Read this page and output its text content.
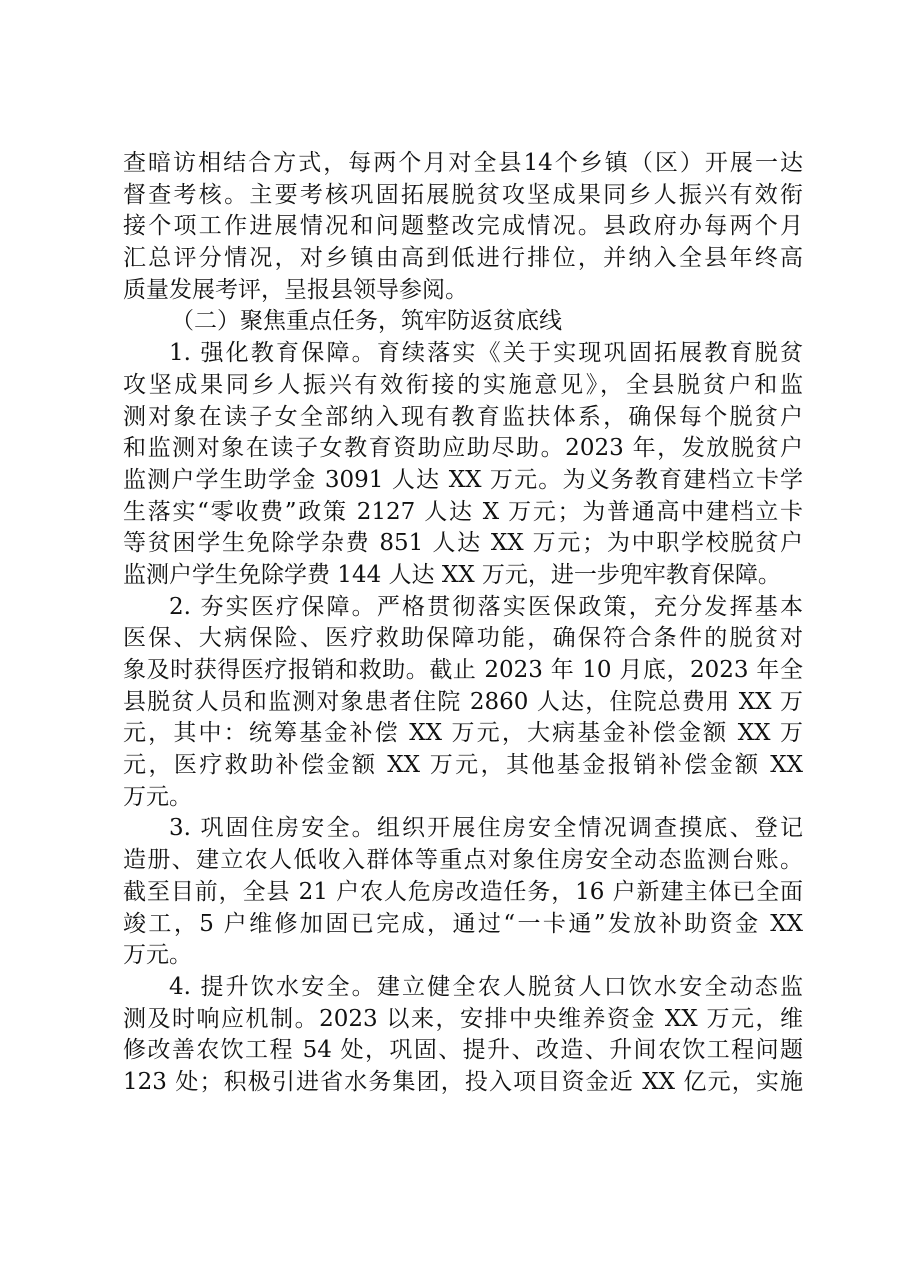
查暗访相结合方式，每两个月对全县14个乡镇（区）开展一达
督查考核。主要考核巩固拓展脱贫攻坚成果同乡人振兴有效衔
接个项工作进展情况和问题整改完成情况。县政府办每两个月
汇总评分情况，对乡镇由高到低进行排位，并纳入全县年终高
质量发展考评，呈报县领导参阅。
（二）聚焦重点任务，筑牢防返贫底线
1. 强化教育保障。育续落实《关于实现巩固拓展教育脱贫
攻坚成果同乡人振兴有效衔接的实施意见》，全县脱贫户和监
测对象在读子女全部纳入现有教育监扶体系，确保每个脱贫户
和监测对象在读子女教育资助应助尽助。2023 年，发放脱贫户
监测户学生助学金 3091 人达 XX 万元。为义务教育建档立卡学
生落实“零收费”政策 2127 人达 X 万元；为普通高中建档立卡
等贫困学生免除学杂费 851 人达 XX 万元；为中职学校脱贫户
监测户学生免除学费 144 人达 XX 万元，进一步兜牢教育保障。
2. 夯实医疗保障。严格贯彻落实医保政策，充分发挥基本
医保、大病保险、医疗救助保障功能，确保符合条件的脱贫对
象及时获得医疗报销和救助。截止 2023 年 10 月底，2023 年全
县脱贫人员和监测对象患者住院 2860 人达，住院总费用 XX 万
元，其中：统筹基金补偿 XX 万元，大病基金补偿金额 XX 万
元，医疗救助补偿金额 XX 万元，其他基金报销补偿金额 XX
万元。
3. 巩固住房安全。组织开展住房安全情况调查摸底、登记
造册、建立农人低收入群体等重点对象住房安全动态监测台账。
截至目前，全县 21 户农人危房改造任务，16 户新建主体已全面
竣工，5 户维修加固已完成，通过“一卡通”发放补助资金 XX
万元。
4. 提升饮水安全。建立健全农人脱贫人口饮水安全动态监
测及时响应机制。2023 以来，安排中央维养资金 XX 万元，维
修改善农饮工程 54 处，巩固、提升、改造、升间农饮工程问题
123 处；积极引进省水务集团，投入项目资金近 XX 亿元，实施
